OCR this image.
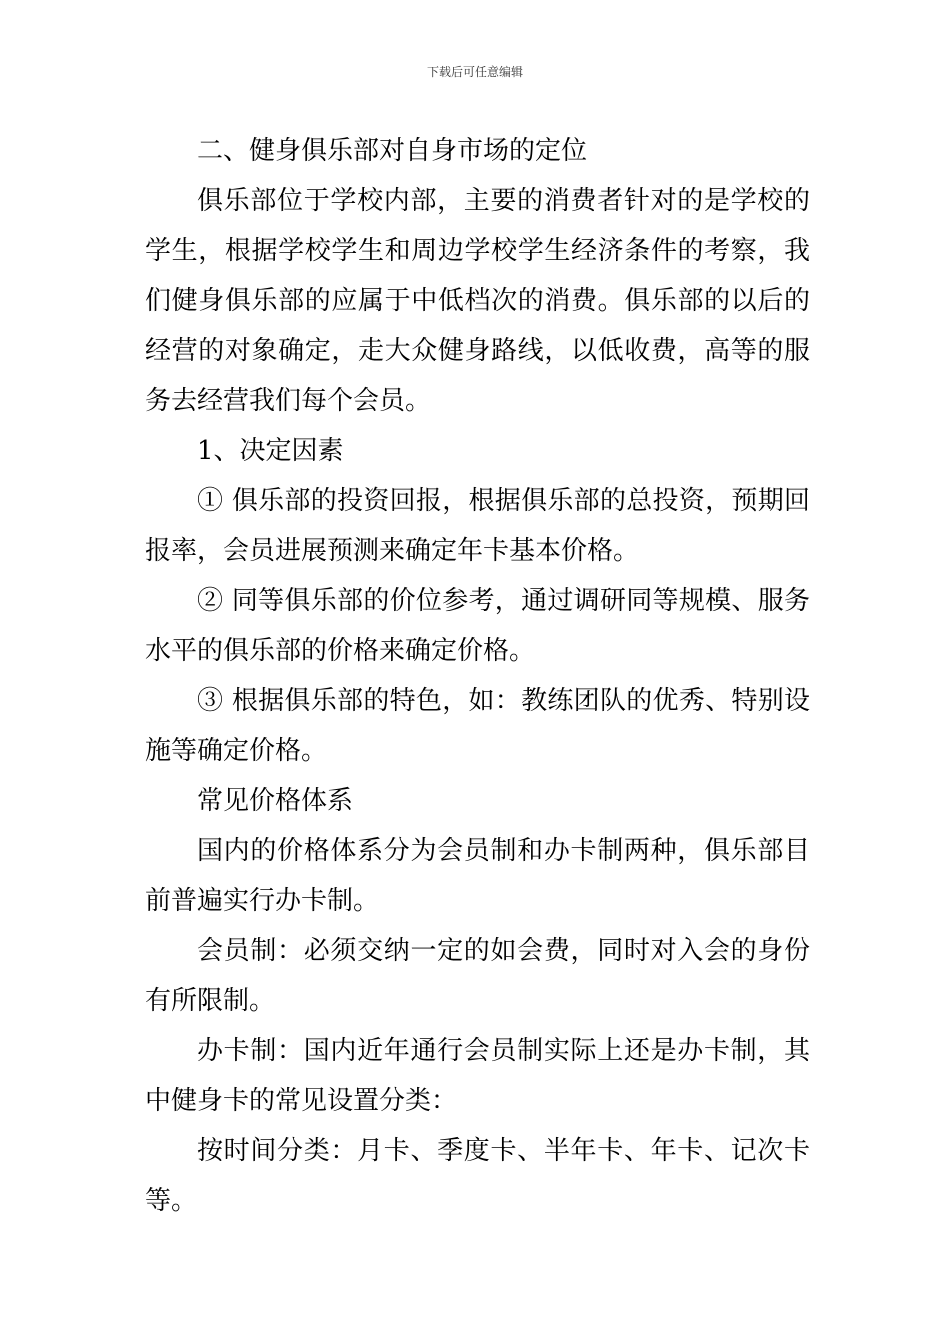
下载后可任意编辑

二、健身俱乐部对自身市场的定位

俱乐部位于学校内部，主要的消费者针对的是学校的学生，根据学校学生和周边学校学生经济条件的考察，我们健身俱乐部的应属于中低档次的消费。俱乐部的以后的经营的对象确定，走大众健身路线，以低收费，高等的服务去经营我们每个会员。

1、决定因素

① 俱乐部的投资回报，根据俱乐部的总投资，预期回报率，会员进展预测来确定年卡基本价格。

② 同等俱乐部的价位参考，通过调研同等规模、服务水平的俱乐部的价格来确定价格。

③ 根据俱乐部的特色，如：教练团队的优秀、特别设施等确定价格。

常见价格体系

国内的价格体系分为会员制和办卡制两种，俱乐部目前普遍实行办卡制。

会员制：必须交纳一定的如会费，同时对入会的身份有所限制。

办卡制：国内近年通行会员制实际上还是办卡制，其中健身卡的常见设置分类：

按时间分类：月卡、季度卡、半年卡、年卡、记次卡等。
